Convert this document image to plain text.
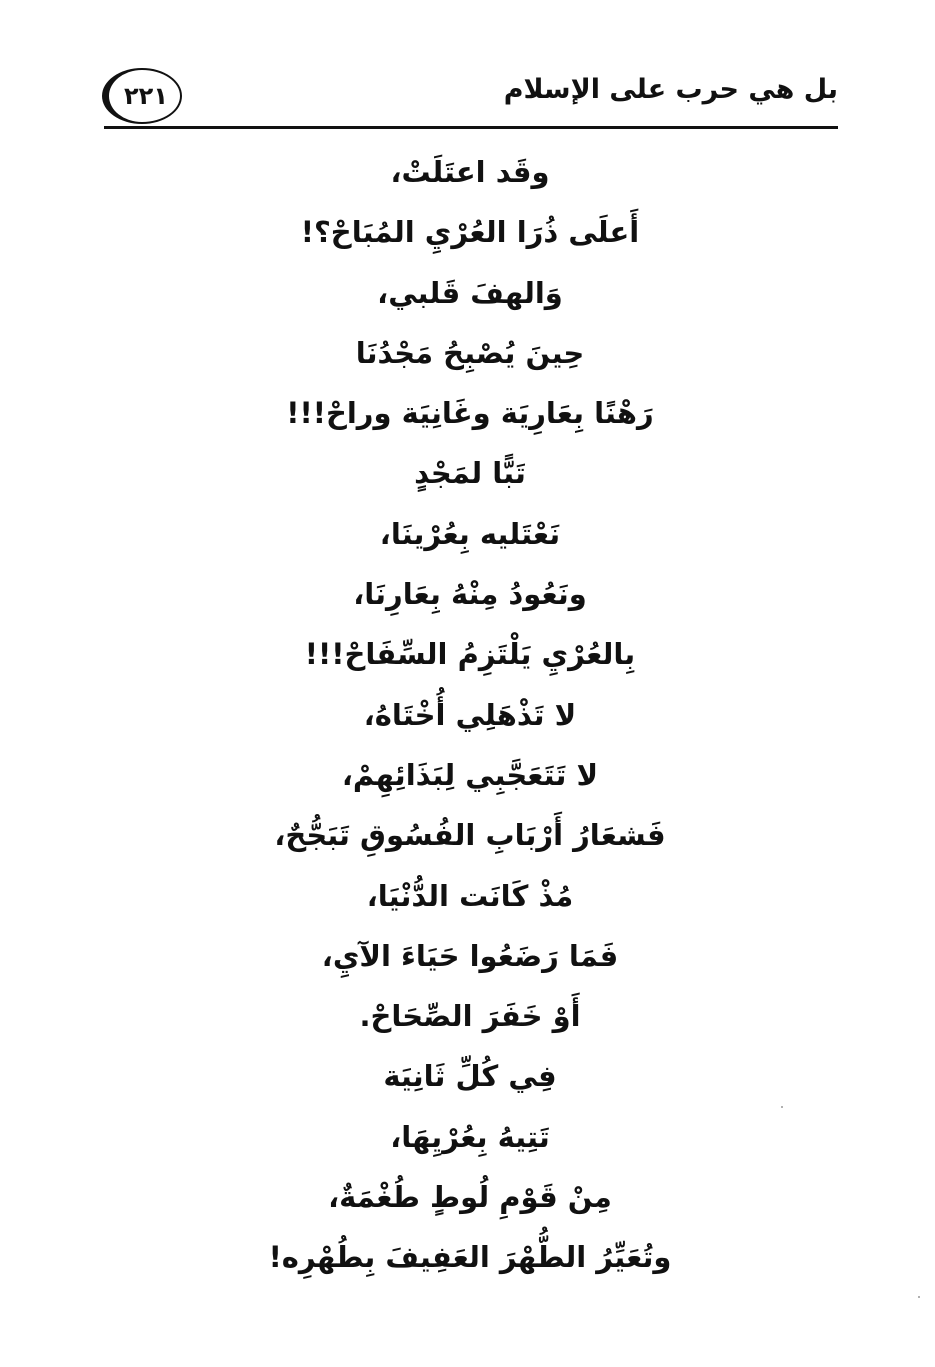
٢٢١	بل هي حرب على الإسلام
وقَد اعتَلَتْ،
أَعلَى ذُرَا العُرْيِ المُبَاحْ؟!
وَالهفَ قَلبي،
حِينَ يُصْبِحُ مَجْدُنَا
رَهْنًا بِعَارِيَة وغَانِيَة وراحْ!!!
تَبًّا لمَجْدٍ
نَعْتَليه بِعُرْينَا،
ونَعُودُ مِنْهُ بِعَارِنَا،
بِالعُرْيِ يَلْتَزِمُ السِّفَاحْ!!!
لا تَذْهَلِي أُخْتَاهُ،
لا تَتَعَجَّبِي لِبَذَائِهِمْ،
فَشعَارُ أَرْبَابِ الفُسُوقِ تَبَجُّحٌ،
مُذْ كَانَت الدُّنْيَا،
فَمَا رَضَعُوا حَيَاءَ الآيِ،
أَوْ خَفَرَ الصِّحَاحْ.
فِي كُلِّ ثَانِيَة
تَتِيهُ بِعُرْيِهَا،
مِنْ قَوْمِ لُوطٍ طُغْمَةٌ،
وتُعَيِّرُ الطُّهْرَ العَفِيفَ بِطُهْرِه!
